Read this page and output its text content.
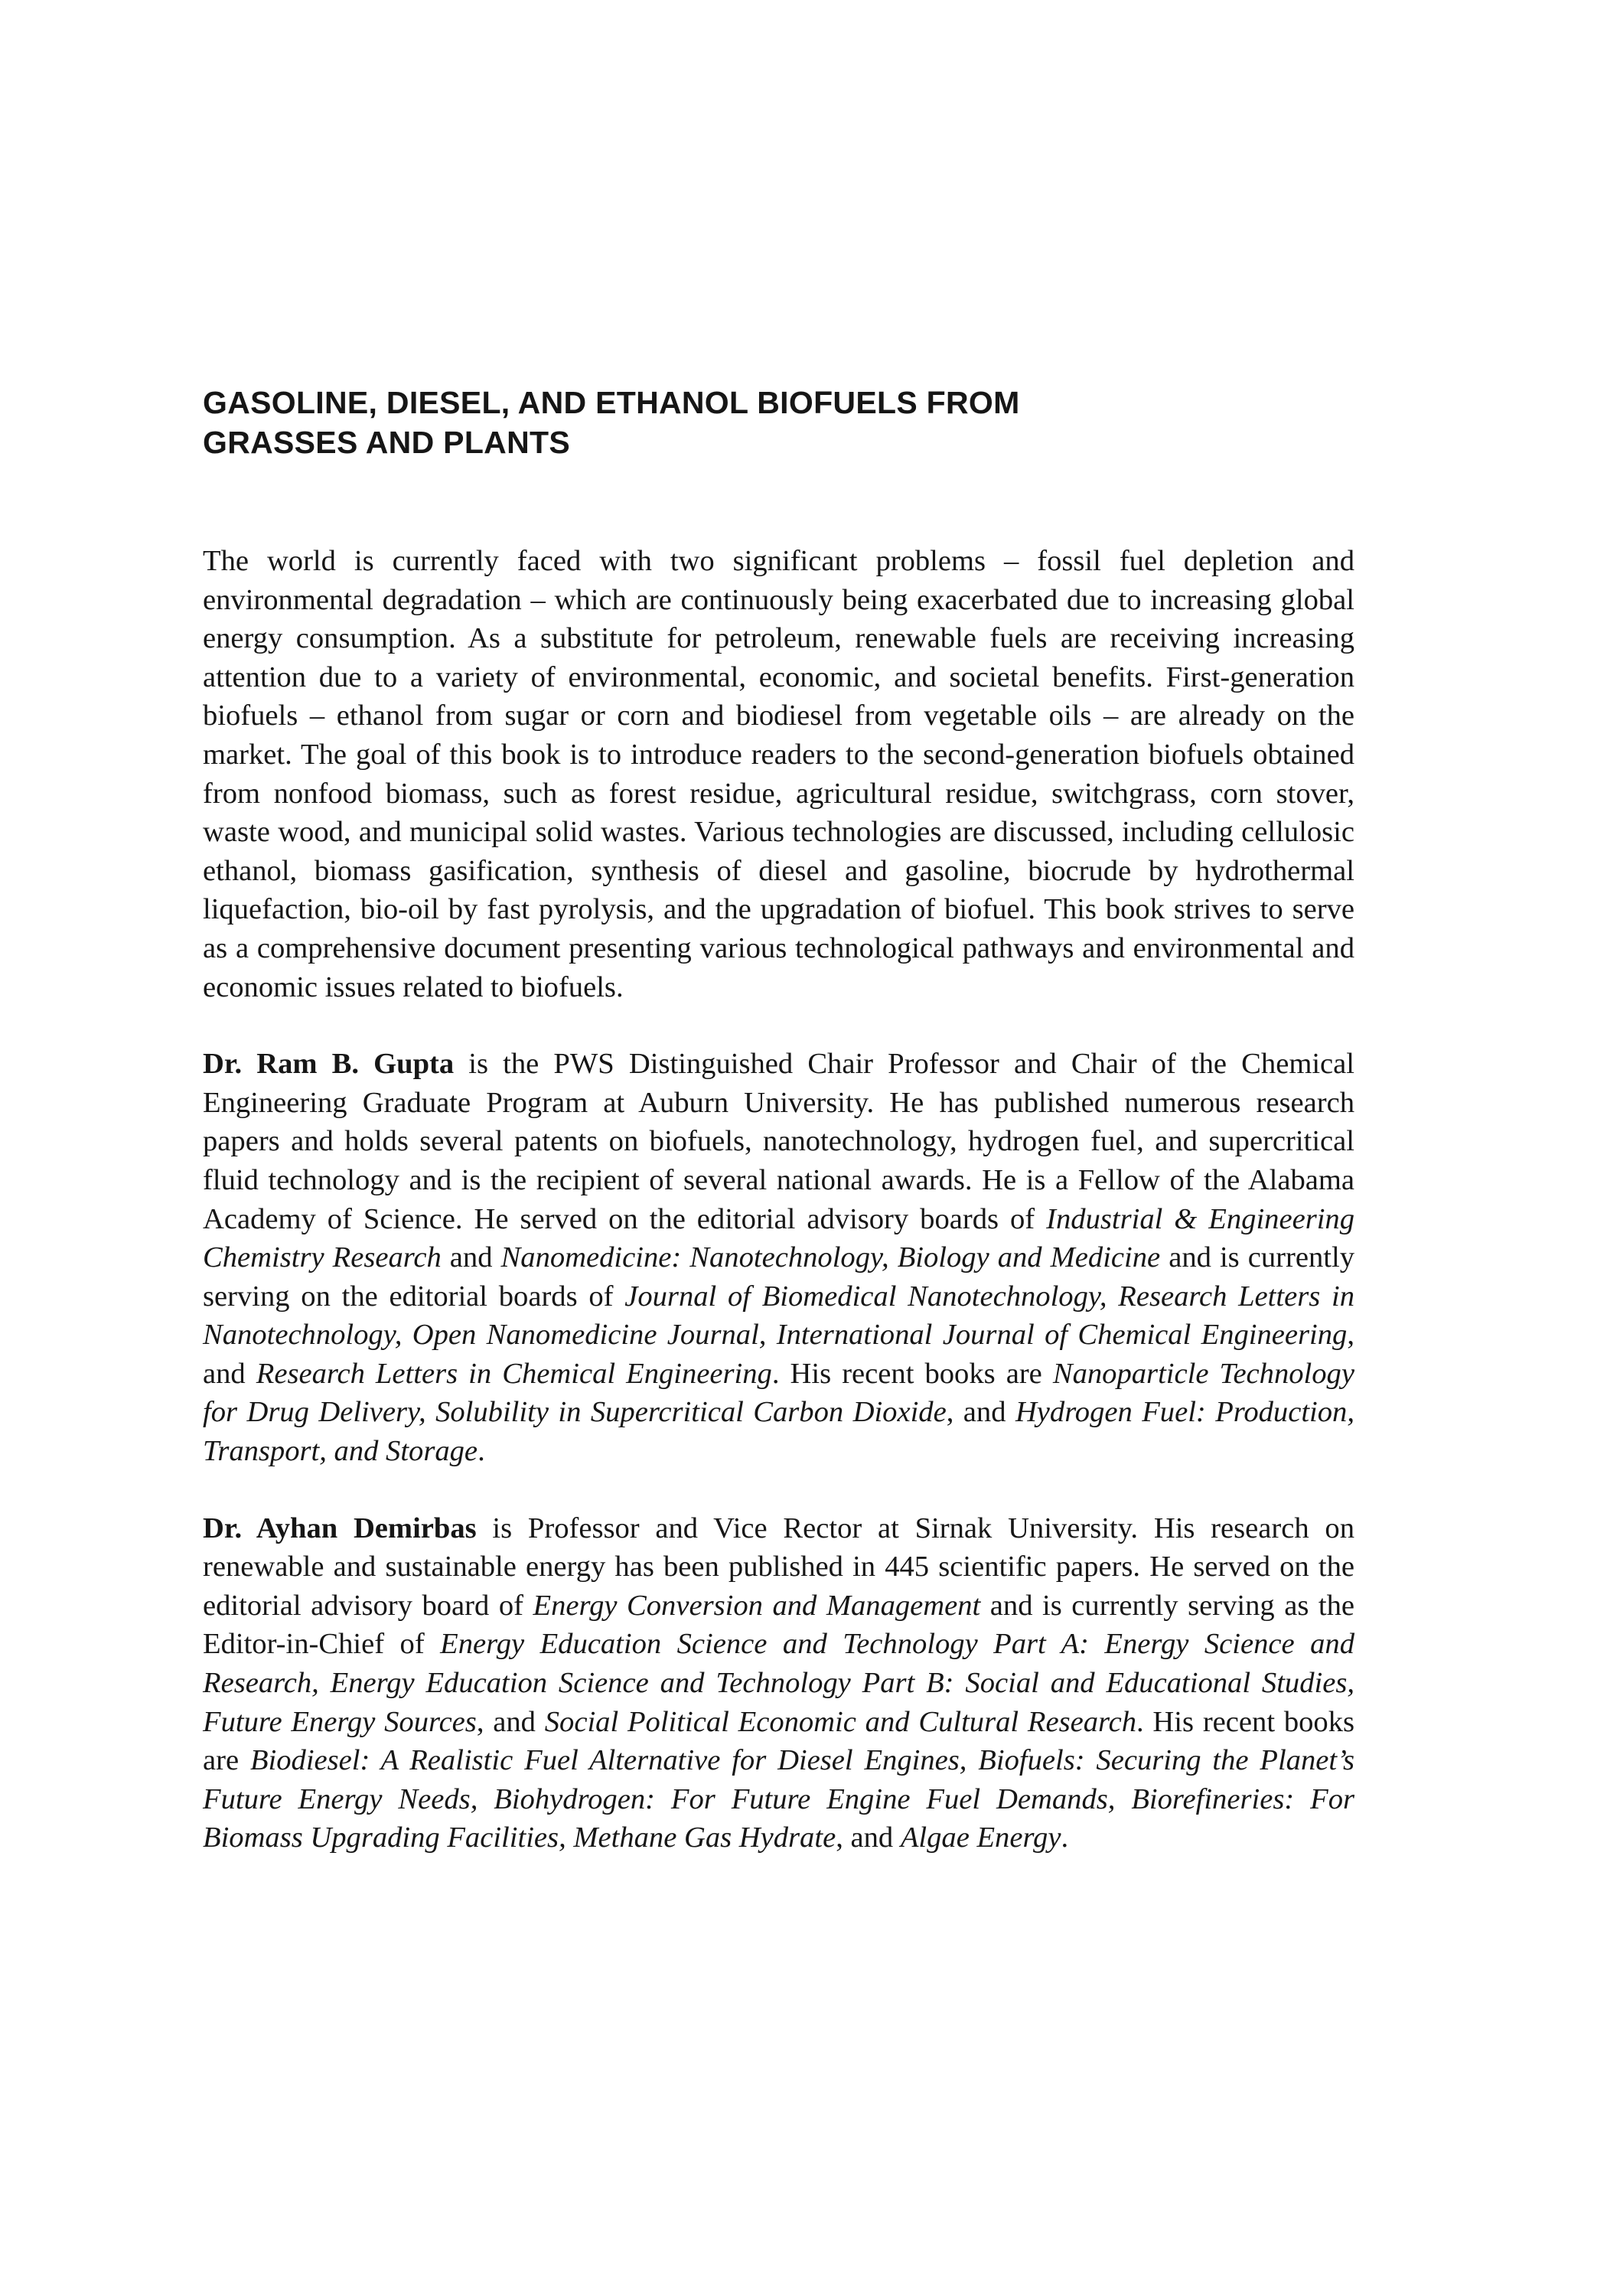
GASOLINE, DIESEL, AND ETHANOL BIOFUELS FROM
GRASSES AND PLANTS

The world is currently faced with two significant problems – fossil fuel depletion and environmental degradation – which are continuously being exacerbated due to increasing global energy consumption. As a substitute for petroleum, renewable fuels are receiving increasing attention due to a variety of environmental, economic, and societal benefits. First-generation biofuels – ethanol from sugar or corn and biodiesel from vegetable oils – are already on the market. The goal of this book is to introduce readers to the second-generation biofuels obtained from nonfood biomass, such as forest residue, agricultural residue, switchgrass, corn stover, waste wood, and municipal solid wastes. Various technologies are discussed, including cellulosic ethanol, biomass gasification, synthesis of diesel and gasoline, biocrude by hydrothermal liquefaction, bio-oil by fast pyrolysis, and the upgradation of biofuel. This book strives to serve as a comprehensive document presenting various technological pathways and environmental and economic issues related to biofuels.

Dr. Ram B. Gupta is the PWS Distinguished Chair Professor and Chair of the Chemical Engineering Graduate Program at Auburn University. He has published numerous research papers and holds several patents on biofuels, nanotechnology, hydrogen fuel, and supercritical fluid technology and is the recipient of several national awards. He is a Fellow of the Alabama Academy of Science. He served on the editorial advisory boards of Industrial & Engineering Chemistry Research and Nanomedicine: Nanotechnology, Biology and Medicine and is currently serving on the editorial boards of Journal of Biomedical Nanotechnology, Research Letters in Nanotechnology, Open Nanomedicine Journal, International Journal of Chemical Engineering, and Research Letters in Chemical Engineering. His recent books are Nanoparticle Technology for Drug Delivery, Solubility in Supercritical Carbon Dioxide, and Hydrogen Fuel: Production, Transport, and Storage.

Dr. Ayhan Demirbas is Professor and Vice Rector at Sirnak University. His research on renewable and sustainable energy has been published in 445 scientific papers. He served on the editorial advisory board of Energy Conversion and Management and is currently serving as the Editor-in-Chief of Energy Education Science and Technology Part A: Energy Science and Research, Energy Education Science and Technology Part B: Social and Educational Studies, Future Energy Sources, and Social Political Economic and Cultural Research. His recent books are Biodiesel: A Realistic Fuel Alternative for Diesel Engines, Biofuels: Securing the Planet’s Future Energy Needs, Biohydrogen: For Future Engine Fuel Demands, Biorefineries: For Biomass Upgrading Facilities, Methane Gas Hydrate, and Algae Energy.
